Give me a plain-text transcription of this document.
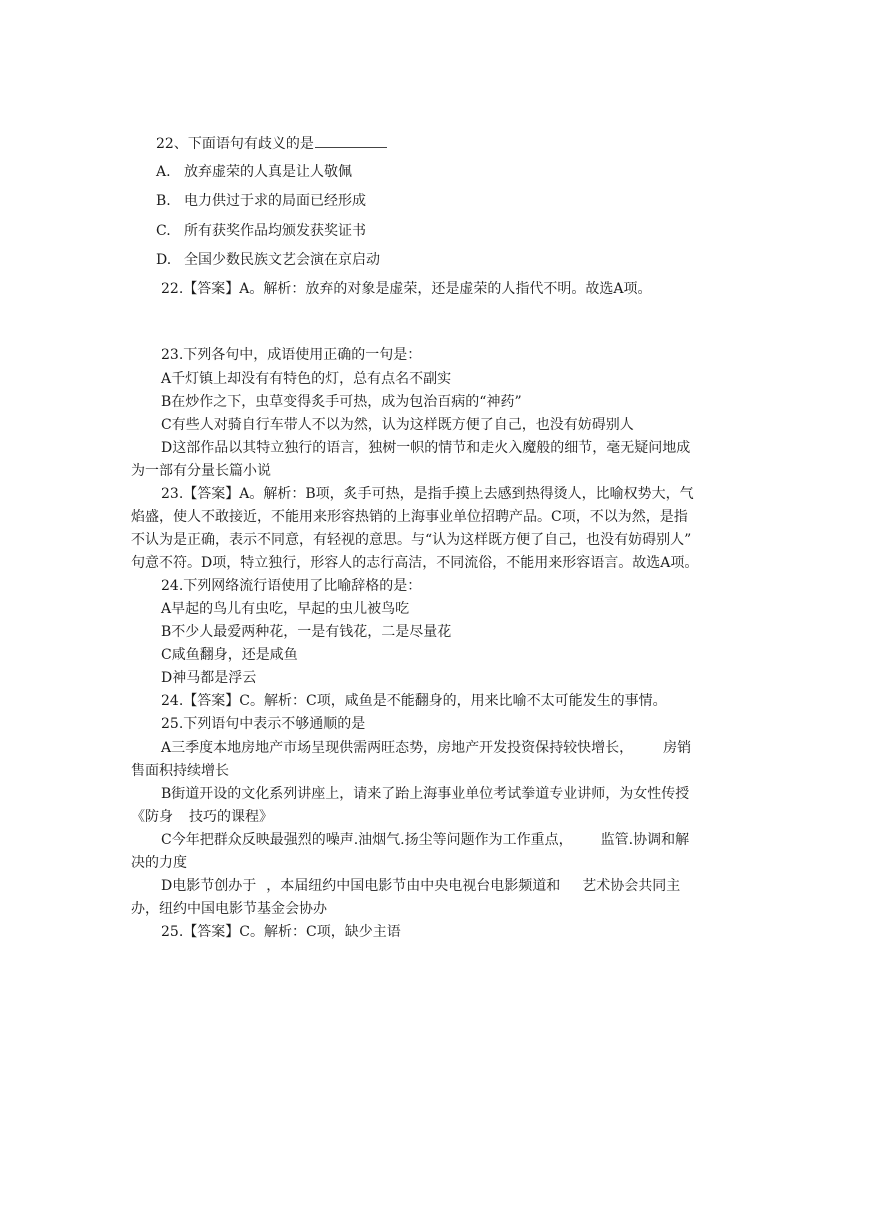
22、下面语句有歧义的是
A. 放弃虚荣的人真是让人敬佩
B. 电力供过于求的局面已经形成
C. 所有获奖作品均颁发获奖证书
D. 全国少数民族文艺会演在京启动
22.【答案】A。解析：放弃的对象是虚荣，还是虚荣的人指代不明。故选A项。
23.下列各句中，成语使用正确的一句是：
A千灯镇上却没有有特色的灯，总有点名不副实
B在炒作之下，虫草变得炙手可热，成为包治百病的“神药”
C有些人对骑自行车带人不以为然，认为这样既方便了自己，也没有妨碍别人
D这部作品以其特立独行的语言，独树一帜的情节和走火入魔般的细节，毫无疑问地成
为一部有分量长篇小说
23.【答案】A。解析：B项，炙手可热，是指手摸上去感到热得烫人，比喻权势大，气
焰盛，使人不敢接近，不能用来形容热销的上海事业单位招聘产品。C项，不以为然，是指
不认为是正确，表示不同意，有轻视的意思。与“认为这样既方便了自己，也没有妨碍别人”
句意不符。D项，特立独行，形容人的志行高洁，不同流俗，不能用来形容语言。故选A项。
24.下列网络流行语使用了比喻辞格的是：
A早起的鸟儿有虫吃，早起的虫儿被鸟吃
B不少人最爱两种花，一是有钱花，二是尽量花
C咸鱼翻身，还是咸鱼
D神马都是浮云
24.【答案】C。解析：C项，咸鱼是不能翻身的，用来比喻不太可能发生的事情。
25.下列语句中表示不够通顺的是
A三季度本地房地产市场呈现供需两旺态势，房地产开发投资保持较快增长， 房销
售面积持续增长
B街道开设的文化系列讲座上，请来了跆上海事业单位考试拳道专业讲师，为女性传授
《防身 技巧的课程》
C今年把群众反映最强烈的噪声.油烟气.扬尘等问题作为工作重点， 监管.协调和解
决的力度
D电影节创办于 ，本届纽约中国电影节由中央电视台电影频道和 艺术协会共同主
办，纽约中国电影节基金会协办
25.【答案】C。解析：C项，缺少主语
